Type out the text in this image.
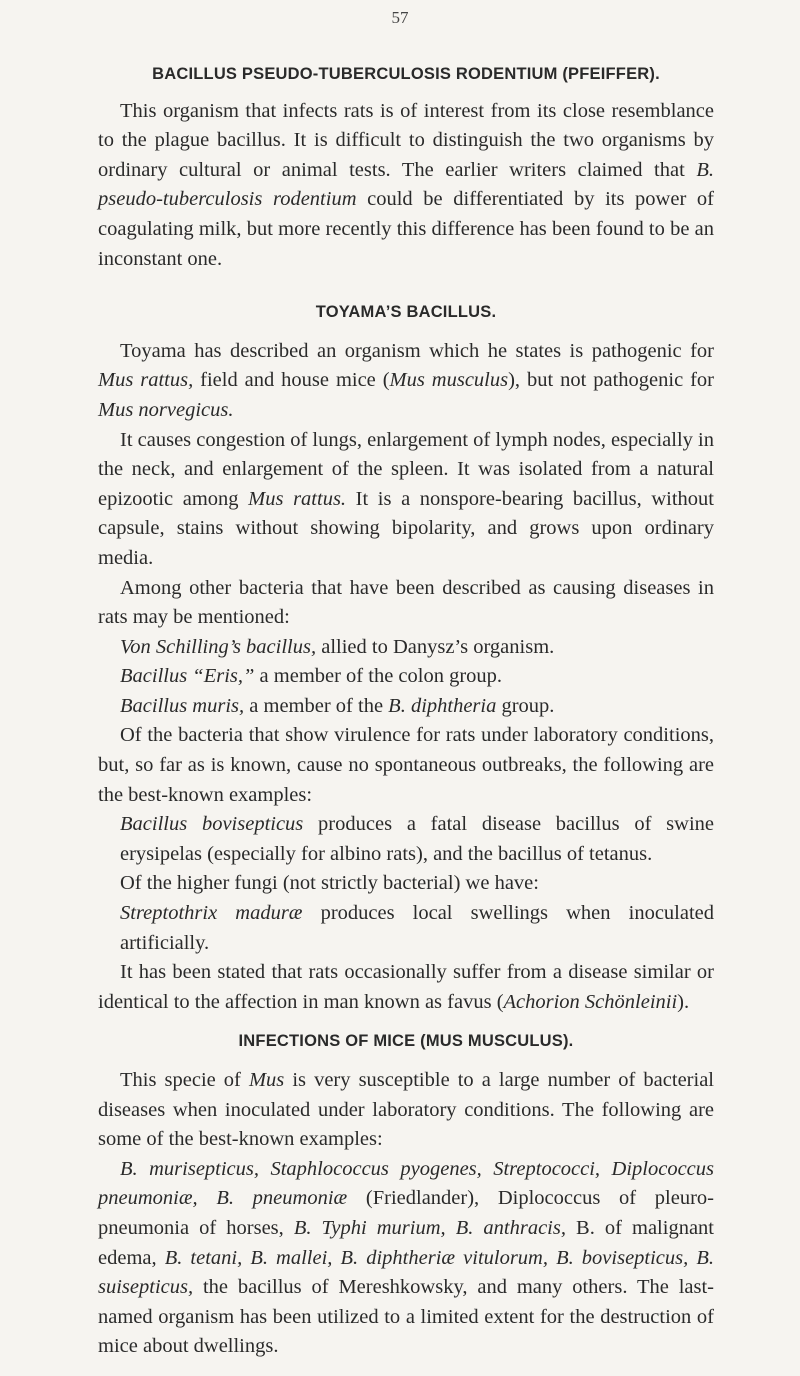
57
BACILLUS PSEUDO-TUBERCULOSIS RODENTIUM (PFEIFFER).

This organism that infects rats is of interest from its close resemblance to the plague bacillus. It is difficult to distinguish the two organisms by ordinary cultural or animal tests. The earlier writers claimed that B. pseudo-tuberculosis rodentium could be differentiated by its power of coagulating milk, but more recently this difference has been found to be an inconstant one.

TOYAMA’S BACILLUS.

Toyama has described an organism which he states is pathogenic for Mus rattus, field and house mice (Mus musculus), but not pathogenic for Mus norvegicus.

It causes congestion of lungs, enlargement of lymph nodes, especially in the neck, and enlargement of the spleen. It was isolated from a natural epizootic among Mus rattus. It is a nonspore-bearing bacillus, without capsule, stains without showing bipolarity, and grows upon ordinary media.

Among other bacteria that have been described as causing diseases in rats may be mentioned:

Von Schilling’s bacillus, allied to Danysz’s organism.

Bacillus “Eris,” a member of the colon group.

Bacillus muris, a member of the B. diphtheria group.

Of the bacteria that show virulence for rats under laboratory conditions, but, so far as is known, cause no spontaneous outbreaks, the following are the best-known examples:

Bacillus bovisepticus produces a fatal disease bacillus of swine erysipelas (especially for albino rats), and the bacillus of tetanus.

Of the higher fungi (not strictly bacterial) we have:

Streptothrix maduræ produces local swellings when inoculated artificially.

It has been stated that rats occasionally suffer from a disease similar or identical to the affection in man known as favus (Achorion Schönleinii).

INFECTIONS OF MICE (MUS MUSCULUS).

This specie of Mus is very susceptible to a large number of bacterial diseases when inoculated under laboratory conditions. The following are some of the best-known examples:

B. murisepticus, Staphlococcus pyogenes, Streptococci, Diplococcus pneumoniæ, B. pneumoniæ (Friedlander), Diplococcus of pleuro-pneumonia of horses, B. Typhi murium, B. anthracis, B. of malignant edema, B. tetani, B. mallei, B. diphtheriæ vitulorum, B. bovisepticus, B. suisepticus, the bacillus of Mereshkowsky, and many others. The last-named organism has been utilized to a limited extent for the destruction of mice about dwellings.
